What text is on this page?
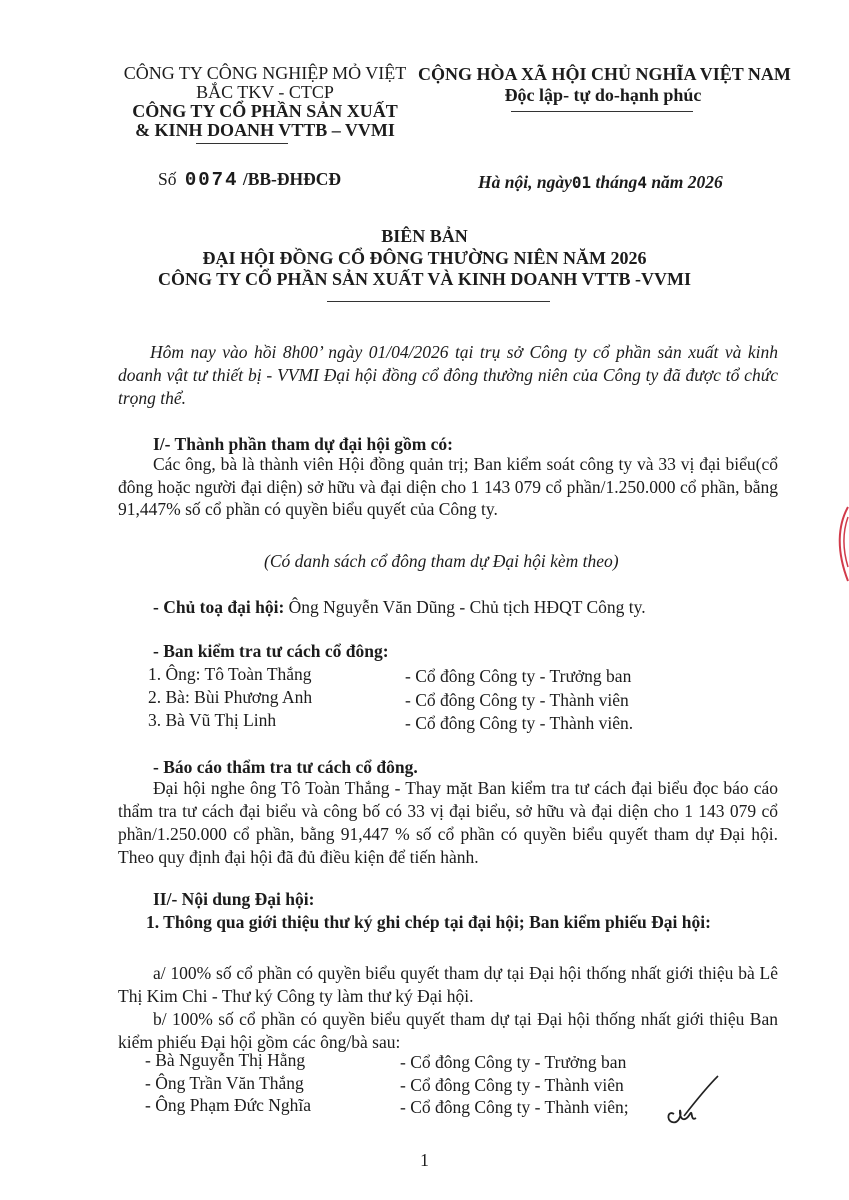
CÔNG TY CÔNG NGHIỆP MỎ VIỆT
BẮC TKV - CTCP
CÔNG TY CỔ PHẦN SẢN XUẤT
& KINH DOANH VTTB – VVMI
CỘNG HÒA XÃ HỘI CHỦ NGHĨA VIỆT NAM
Độc lập- tự do-hạnh phúc
Số 0074 /BB-ĐHĐCĐ	Hà nội, ngày01 tháng4 năm 2026
BIÊN BẢN
ĐẠI HỘI ĐỒNG CỔ ĐÔNG THƯỜNG NIÊN NĂM 2026
CÔNG TY CỔ PHẦN SẢN XUẤT VÀ KINH DOANH VTTB -VVMI
Hôm nay vào hồi 8h00’ ngày 01/04/2026 tại trụ sở Công ty cổ phần sản xuất và kinh doanh vật tư thiết bị - VVMI Đại hội đồng cổ đông thường niên của Công ty đã được tổ chức trọng thể.
I/- Thành phần tham dự đại hội gồm có:
Các ông, bà là thành viên Hội đồng quản trị; Ban kiểm soát công ty và 33 vị đại biểu(cổ đông hoặc người đại diện) sở hữu và đại diện cho 1 143 079 cổ phần/1.250.000 cổ phần, bằng 91,447% số cổ phần có quyền biểu quyết của Công ty.
(Có danh sách cổ đông tham dự Đại hội kèm theo)
- Chủ toạ đại hội: Ông Nguyễn Văn Dũng - Chủ tịch HĐQT Công ty.
- Ban kiểm tra tư cách cổ đông:
1. Ông: Tô Toàn Thắng
2. Bà: Bùi Phương Anh
3. Bà Vũ Thị Linh
- Cổ đông Công ty - Trưởng ban
- Cổ đông Công ty - Thành viên
- Cổ đông Công ty - Thành viên.
- Báo cáo thẩm tra tư cách cổ đông.
Đại hội nghe ông Tô Toàn Thắng - Thay mặt Ban kiểm tra tư cách đại biểu đọc báo cáo thẩm tra tư cách đại biểu và công bố có 33 vị đại biểu, sở hữu và đại diện cho 1 143 079 cổ phần/1.250.000 cổ phần, bằng 91,447 % số cổ phần có quyền biểu quyết tham dự Đại hội. Theo quy định đại hội đã đủ điều kiện để tiến hành.
II/- Nội dung Đại hội:
1. Thông qua giới thiệu thư ký ghi chép tại đại hội; Ban kiểm phiếu Đại hội:
a/ 100% số cổ phần có quyền biểu quyết tham dự tại Đại hội thống nhất giới thiệu bà Lê Thị Kim Chi - Thư ký Công ty làm thư ký Đại hội.
b/ 100% số cổ phần có quyền biểu quyết tham dự tại Đại hội thống nhất giới thiệu Ban kiểm phiếu Đại hội gồm các ông/bà sau:
- Bà Nguyễn Thị Hằng
- Ông Trần Văn Thắng
- Ông Phạm Đức Nghĩa
- Cổ đông Công ty - Trưởng ban
- Cổ đông Công ty - Thành viên
- Cổ đông Công ty - Thành viên;
1
